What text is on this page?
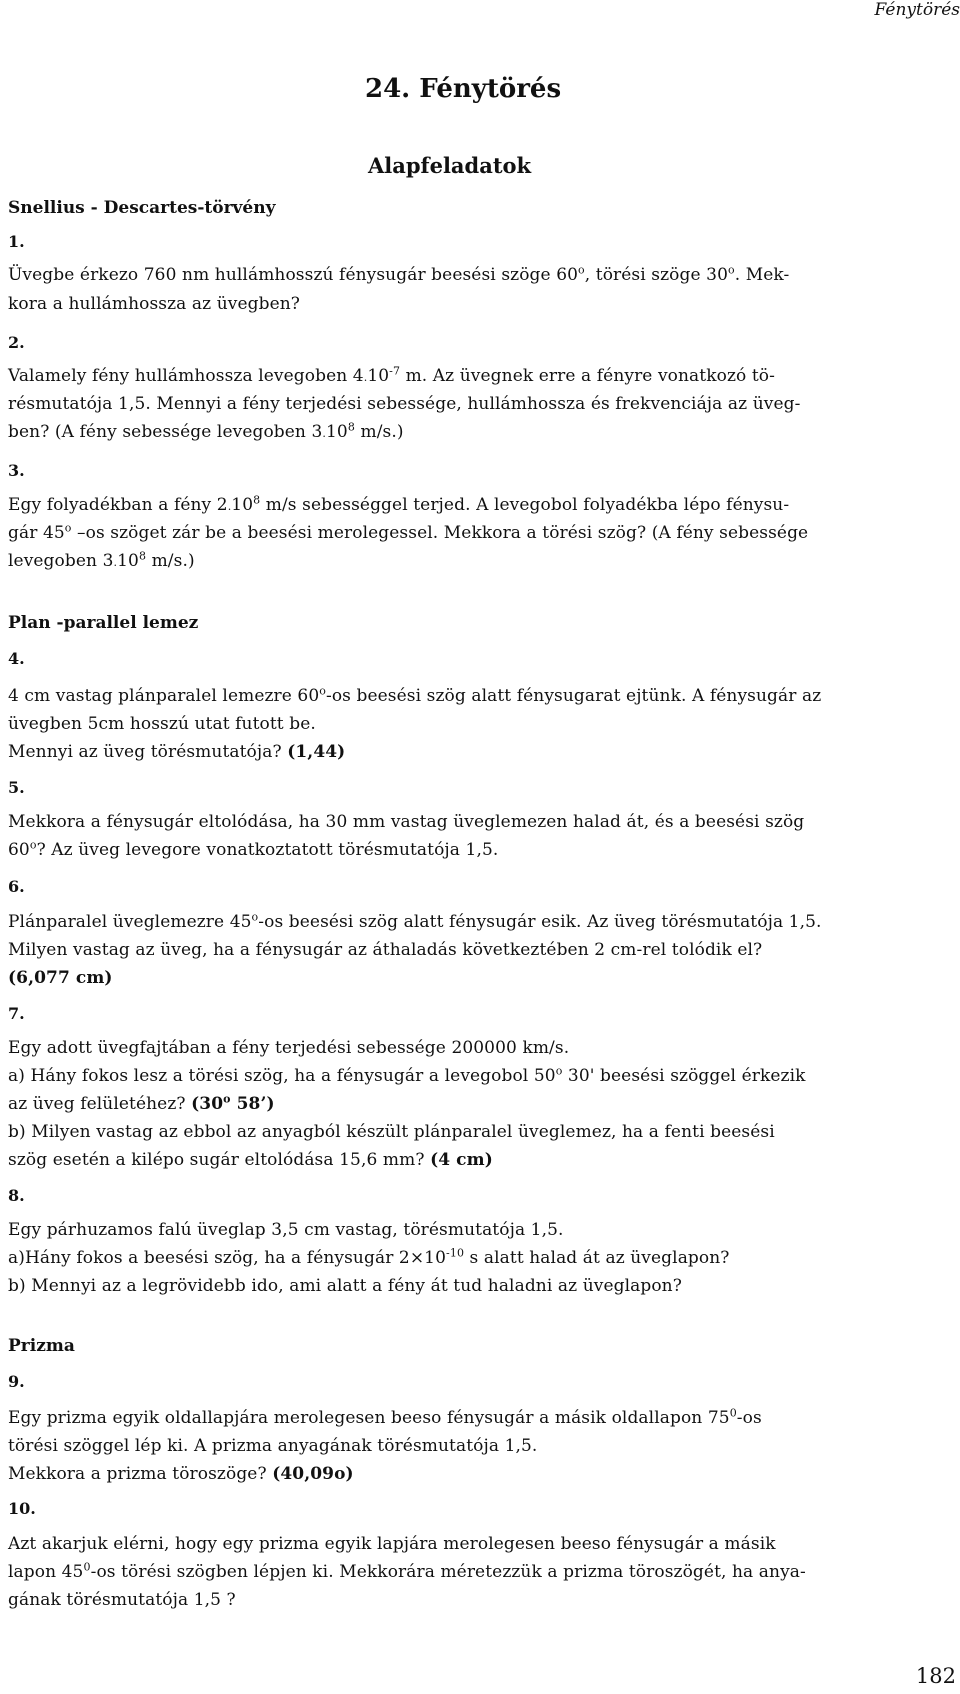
Fénytörés
24. Fénytörés
Alapfeladatok
Snellius - Descartes-törvény
1.
Üvegbe érkezo 760 nm hullámhosszú fénysugár beesési szöge 60$^o$, törési szöge 30$^o$. Mek-
kora a hullámhossza az üvegben?
2.
Valamely fény hullámhossza levegoben $4.10^{-7}$ m. Az üvegnek erre a fényre vonatkozó tö-
résmutatója 1,5. Mennyi a fény terjedési sebessége, hullámhossza és frekvenciája az üveg-
ben? (A fény sebessége levegoben 3.10$^8$ m/s.)
3.
Egy folyadékban a fény 2.10$^8$ m/s sebességgel terjed. A levegobol folyadékba lépo fénysu-
gár 45$^o$ –os szöget zár be a beesési merolegessel. Mekkora a törési szög? (A fény sebessége
levegoben 3.10$^8$ m/s.)
Plan -parallel lemez
4.
4 cm vastag plánparalel lemezre 60$^o$-os beesési szög alatt fénysugarat ejtünk. A fénysugár az
üvegben 5cm hosszú utat futott be.
Mennyi az üveg törésmutatója? (1,44)
5.
Mekkora a fénysugár eltolódása, ha 30 mm vastag üveglemezen halad át, és a beesési szög
60$^o$? Az üveg levegore vonatkoztatott törésmutatója 1,5.
6.
Plánparalel üveglemezre 45$^o$-os beesési szög alatt fénysugár esik. Az üveg törésmutatója 1,5.
Milyen vastag az üveg, ha a fénysugár az áthaladás következtében 2 cm-rel tolódik el?
(6,077 cm)
7.
Egy adott üvegfajtában a fény terjedési sebessége 200000 km/s.
a) Hány fokos lesz a törési szög, ha a fénysugár a levegobol 50$^o$ 30' beesési szöggel érkezik
az üveg felületéhez? (30$^o$ 58’)
b) Milyen vastag az ebbol az anyagból készült plánparalel üveglemez, ha a fenti beesési
szög esetén a kilépo sugár eltolódása 15,6 mm? (4 cm)
8.
Egy párhuzamos falú üveglap 3,5 cm vastag, törésmutatója 1,5.
a)Hány fokos a beesési szög, ha a fénysugár $2\times 10^{-10}$ s alatt halad át az üveglapon?
b) Mennyi az a legrövidebb ido, ami alatt a fény át tud haladni az üveglapon?
Prizma
9.
Egy prizma egyik oldallapjára merolegesen beeso fénysugár a másik oldallapon $75^0-os$
törési szöggel lép ki. A prizma anyagának törésmutatója 1,5.
Mekkora a prizma töroszöge? (40,09o)
10.
Azt akarjuk elérni, hogy egy prizma egyik lapjára merolegesen beeso fénysugár a másik
lapon $45^0-os$ törési szögben lépjen ki. Mekkorára méretezzük a prizma töroszögét, ha anya-
gának törésmutatója 1,5 ?
182
